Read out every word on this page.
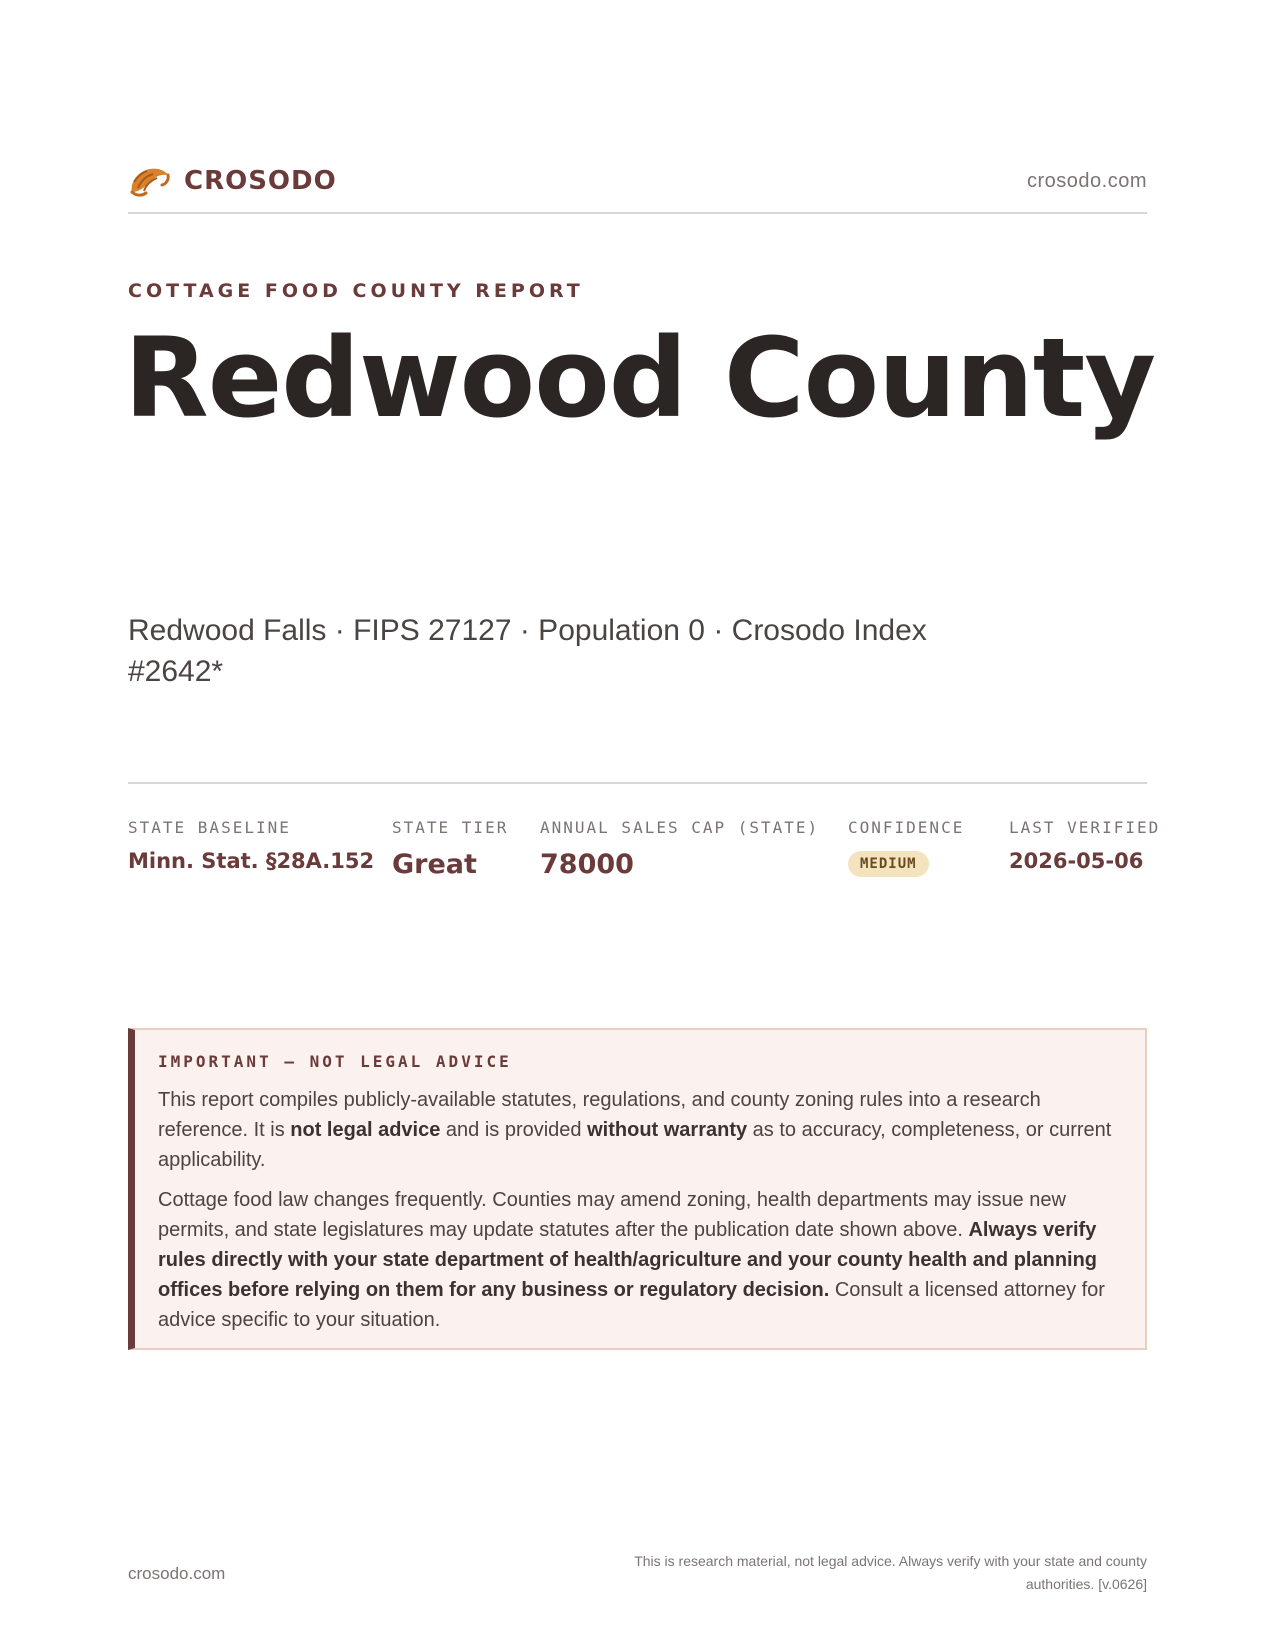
CROSODO	crosodo.com
COTTAGE FOOD COUNTY REPORT
Redwood County
Redwood Falls · FIPS 27127 · Population 0 · Crosodo Index #2642*
STATE BASELINE
Minn. Stat. §28A.152
STATE TIER
Great
ANNUAL SALES CAP (STATE)
78000
CONFIDENCE
MEDIUM
LAST VERIFIED
2026-05-06
IMPORTANT — NOT LEGAL ADVICE

This report compiles publicly-available statutes, regulations, and county zoning rules into a research reference. It is not legal advice and is provided without warranty as to accuracy, completeness, or current applicability.

Cottage food law changes frequently. Counties may amend zoning, health departments may issue new permits, and state legislatures may update statutes after the publication date shown above. Always verify rules directly with your state department of health/agriculture and your county health and planning offices before relying on them for any business or regulatory decision. Consult a licensed attorney for advice specific to your situation.

crosodo.com
This is research material, not legal advice. Always verify with your state and county authorities. [v.0626]
